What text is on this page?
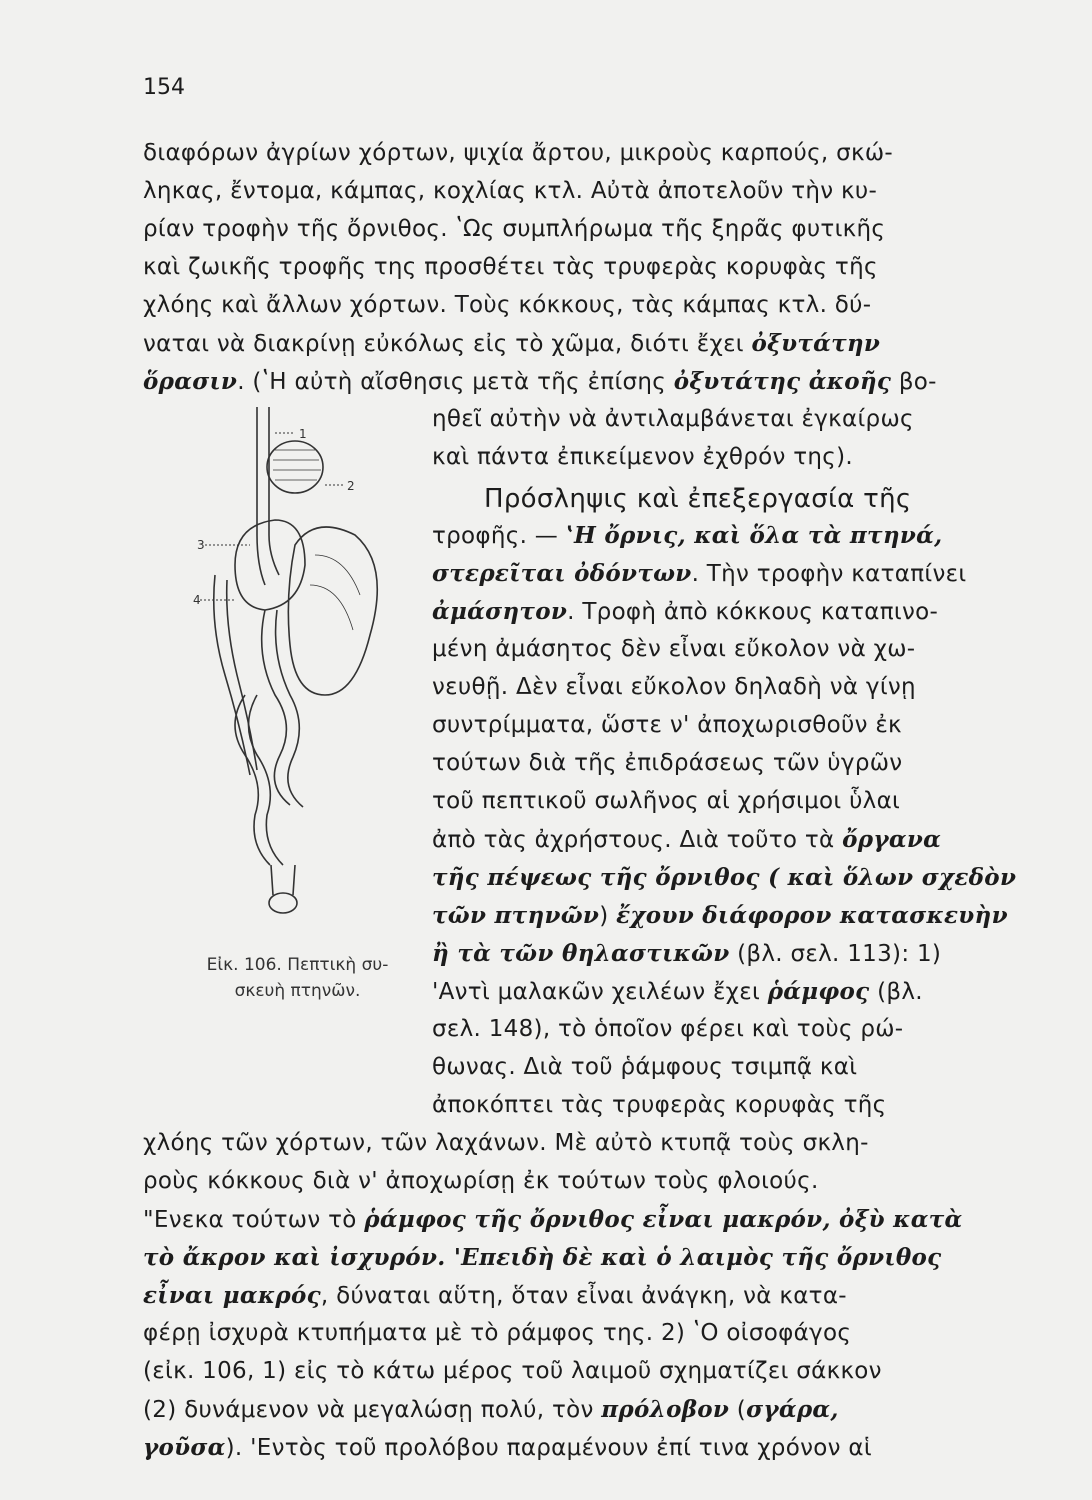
154
διαφόρων ἀγρίων χόρτων, ψιχία ἄρτου, μικροὺς καρπούς, σκώ-
ληκας, ἔντομα, κάμπας, κοχλίας κτλ. Αὐτὰ ἀποτελοῦν τὴν κυ-
ρίαν τροφὴν τῆς ὄρνιθος. ʽΩς συμπλήρωμα τῆς ξηρᾶς φυτικῆς
καὶ ζωικῆς τροφῆς της προσθέτει τὰς τρυφερὰς κορυφὰς τῆς
χλόης καὶ ἄλλων χόρτων. Τοὺς κόκκους, τὰς κάμπας κτλ. δύ-
ναται νὰ διακρίνῃ εὐκόλως εἰς τὸ χῶμα, διότι ἔχει ὀξυτάτην
ὅρασιν. (ʽΗ αὐτὴ αἴσθησις μετὰ τῆς ἐπίσης ὀξυτάτης ἀκοῆς βο-
ηθεῖ αὐτὴν νὰ ἀντιλαμβάνεται ἐγκαίρως
καὶ πάντα ἐπικείμενον ἐχθρόν της).
Πρόσληψις καὶ ἐπεξεργασία τῆς
τροφῆς. — ʽΗ ὄρνις, καὶ ὅλα τὰ πτηνά,
στερεῖται ὀδόντων. Τὴν τροφὴν καταπίνει
ἀμάσητον. Τροφὴ ἀπὸ κόκκους καταπινο-
μένη ἀμάσητος δὲν εἶναι εὔκολον νὰ χω-
νευθῇ. Δὲν εἶναι εὔκολον δηλαδὴ νὰ γίνῃ
συντρίμματα, ὥστε ν' ἀποχωρισθοῦν ἐκ
τούτων διὰ τῆς ἐπιδράσεως τῶν ὑγρῶν
τοῦ πεπτικοῦ σωλῆνος αἱ χρήσιμοι ὗλαι
ἀπὸ τὰς ἀχρήστους. Διὰ τοῦτο τὰ ὄργανα
τῆς πέψεως τῆς ὄρνιθος ( καὶ ὅλων σχεδὸν
τῶν πτηνῶν) ἔχουν διάφορον κατασκευὴν
ἢ τὰ τῶν θηλαστικῶν (βλ. σελ. 113): 1)
'Αντὶ μαλακῶν χειλέων ἔχει ῥάμφος (βλ.
σελ. 148), τὸ ὁποῖον φέρει καὶ τοὺς ρώ-
θωνας. Διὰ τοῦ ῥάμφους τσιμπᾷ καὶ
ἀποκόπτει τὰς τρυφερὰς κορυφὰς τῆς
χλόης τῶν χόρτων, τῶν λαχάνων. Μὲ αὐτὸ κτυπᾷ τοὺς σκλη-
ροὺς κόκκους διὰ ν' ἀποχωρίσῃ ἐκ τούτων τοὺς φλοιούς.
"Ενεκα τούτων τὸ ῥάμφος τῆς ὄρνιθος εἶναι μακρόν, ὀξὺ κατὰ
τὸ ἄκρον καὶ ἰσχυρόν. 'Επειδὴ δὲ καὶ ὁ λαιμὸς τῆς ὄρνιθος
εἶναι μακρός, δύναται αὕτη, ὅταν εἶναι ἀνάγκη, νὰ κατα-
φέρῃ ἰσχυρὰ κτυπήματα μὲ τὸ ράμφος της. 2) ʽΟ οἰσοφάγος
(εἰκ. 106, 1) εἰς τὸ κάτω μέρος τοῦ λαιμοῦ σχηματίζει σάκκον
(2) δυνάμενον νὰ μεγαλώσῃ πολύ, τὸν πρόλοβον (σγάρα,
γοῦσα). 'Εντὸς τοῦ προλόβου παραμένουν ἐπί τινα χρόνον αἱ
1
2
3
4
Εἰκ. 106. Πεπτικὴ συ-
σκευὴ πτηνῶν.
